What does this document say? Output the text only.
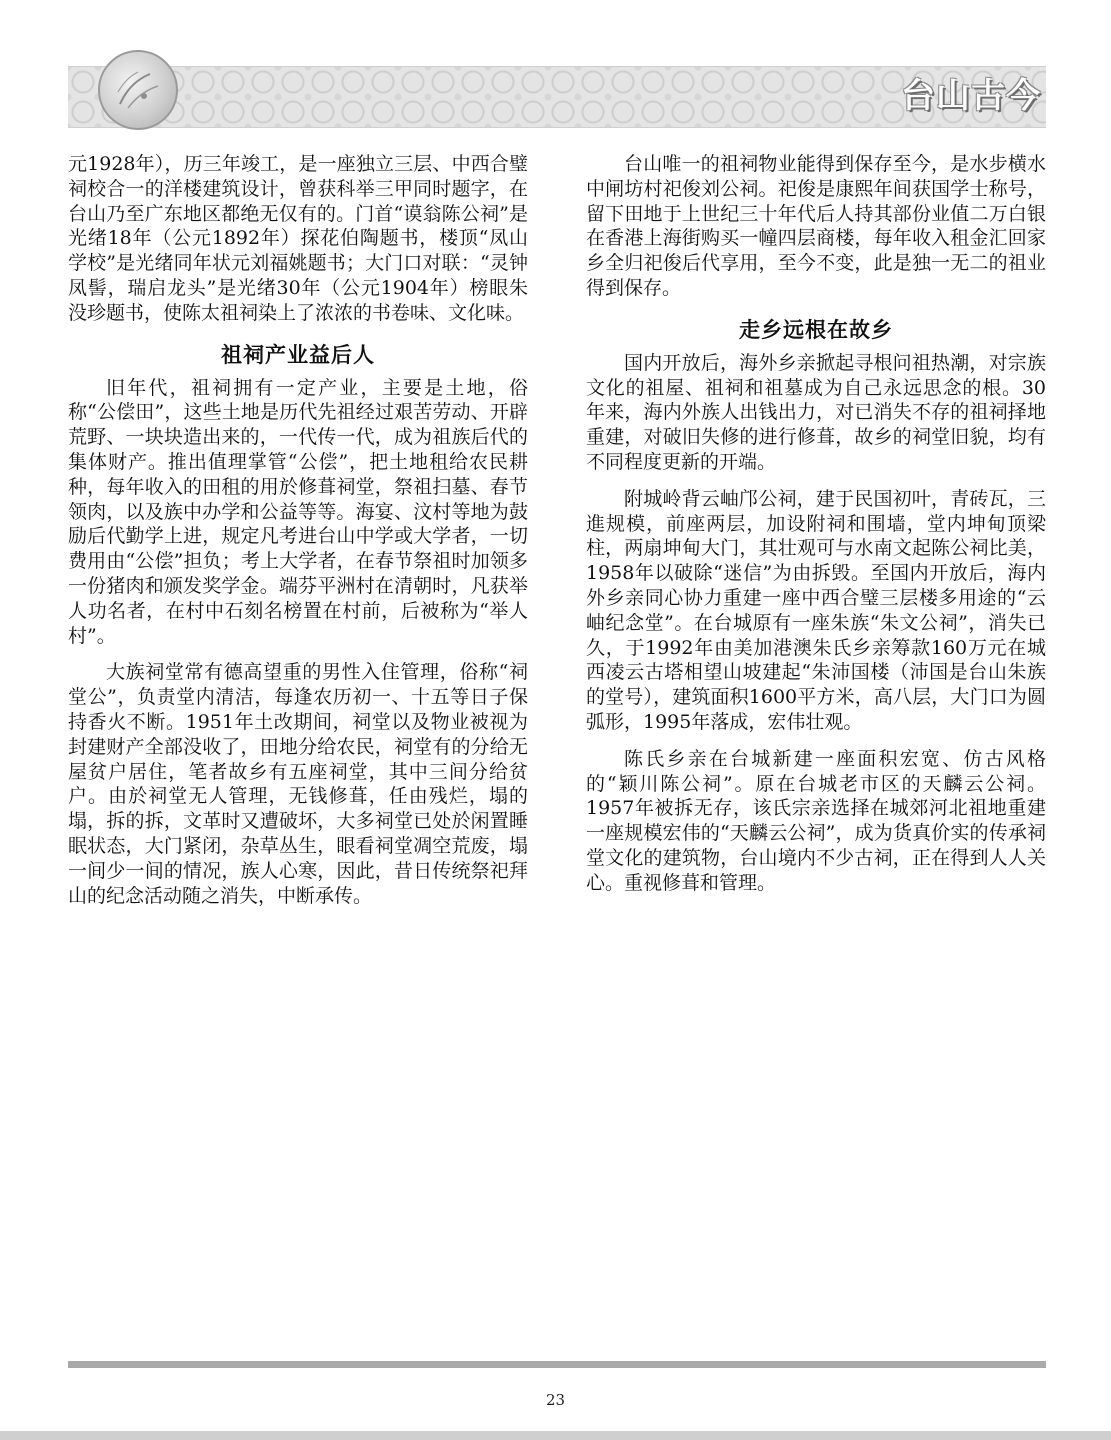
台山古今

元1928年），历三年竣工，是一座独立三层、中西合璧祠校合一的洋楼建筑设计，曾获科举三甲同时题字，在台山乃至广东地区都绝无仅有的。门首“谟翁陈公祠”是光绪18年（公元1892年）探花伯陶题书，楼顶“凤山学校”是光绪同年状元刘福姚题书；大门口对联：“灵钟凤髻，瑞启龙头”是光绪30年（公元1904年）榜眼朱没珍题书，使陈太祖祠染上了浓浓的书卷味、文化味。

祖祠产业益后人

旧年代，祖祠拥有一定产业，主要是土地，俗称“公偿田”，这些土地是历代先祖经过艰苦劳动、开辟荒野、一块块造出来的，一代传一代，成为祖族后代的集体财产。推出值理掌管“公偿”，把土地租给农民耕种，每年收入的田租的用於修葺祠堂，祭祖扫墓、春节领肉，以及族中办学和公益等等。海宴、汶村等地为鼓励后代勤学上进，规定凡考进台山中学或大学者，一切费用由“公偿”担负；考上大学者，在春节祭祖时加领多一份猪肉和颁发奖学金。端芬平洲村在清朝时，凡获举人功名者，在村中石刻名榜置在村前，后被称为“举人村”。

大族祠堂常有德高望重的男性入住管理，俗称“祠堂公”，负责堂内清洁，每逢农历初一、十五等日子保持香火不断。1951年土改期间，祠堂以及物业被视为封建财产全部没收了，田地分给农民，祠堂有的分给无屋贫户居住，笔者故乡有五座祠堂，其中三间分给贫户。由於祠堂无人管理，无钱修葺，任由残烂，塌的塌，拆的拆，文革时又遭破坏，大多祠堂已处於闲置睡眠状态，大门紧闭，杂草丛生，眼看祠堂凋空荒废，塌一间少一间的情况，族人心寒，因此，昔日传统祭祀拜山的纪念活动随之消失，中断承传。

台山唯一的祖祠物业能得到保存至今，是水步横水中闸坊村祀俊刘公祠。祀俊是康熙年间获国学士称号，留下田地于上世纪三十年代后人持其部份业值二万白银在香港上海街购买一幢四层商楼，每年收入租金汇回家乡全归祀俊后代享用，至今不变，此是独一无二的祖业得到保存。

走乡远根在故乡

国内开放后，海外乡亲掀起寻根问祖热潮，对宗族文化的祖屋、祖祠和祖墓成为自己永远思念的根。30年来，海内外族人出钱出力，对已消失不存的祖祠择地重建，对破旧失修的进行修葺，故乡的祠堂旧貌，均有不同程度更新的开端。

附城岭背云岫邝公祠，建于民国初叶，青砖瓦，三進规模，前座两层，加设附祠和围墙，堂内坤甸顶梁柱，两扇坤甸大门，其壮观可与水南文起陈公祠比美，1958年以破除“迷信”为由拆毁。至国内开放后，海内外乡亲同心协力重建一座中西合璧三层楼多用途的“云岫纪念堂”。在台城原有一座朱族“朱文公祠”，消失已久，于1992年由美加港澳朱氏乡亲筹款160万元在城西凌云古塔相望山坡建起“朱沛国楼（沛国是台山朱族的堂号），建筑面积1600平方米，高八层，大门口为圆弧形，1995年落成，宏伟壮观。

陈氏乡亲在台城新建一座面积宏宽、仿古风格的“颖川陈公祠”。原在台城老市区的天麟云公祠。1957年被拆无存，该氏宗亲选择在城郊河北祖地重建一座规模宏伟的“天麟云公祠”，成为货真价实的传承祠堂文化的建筑物，台山境内不少古祠，正在得到人人关心。重视修葺和管理。

23
